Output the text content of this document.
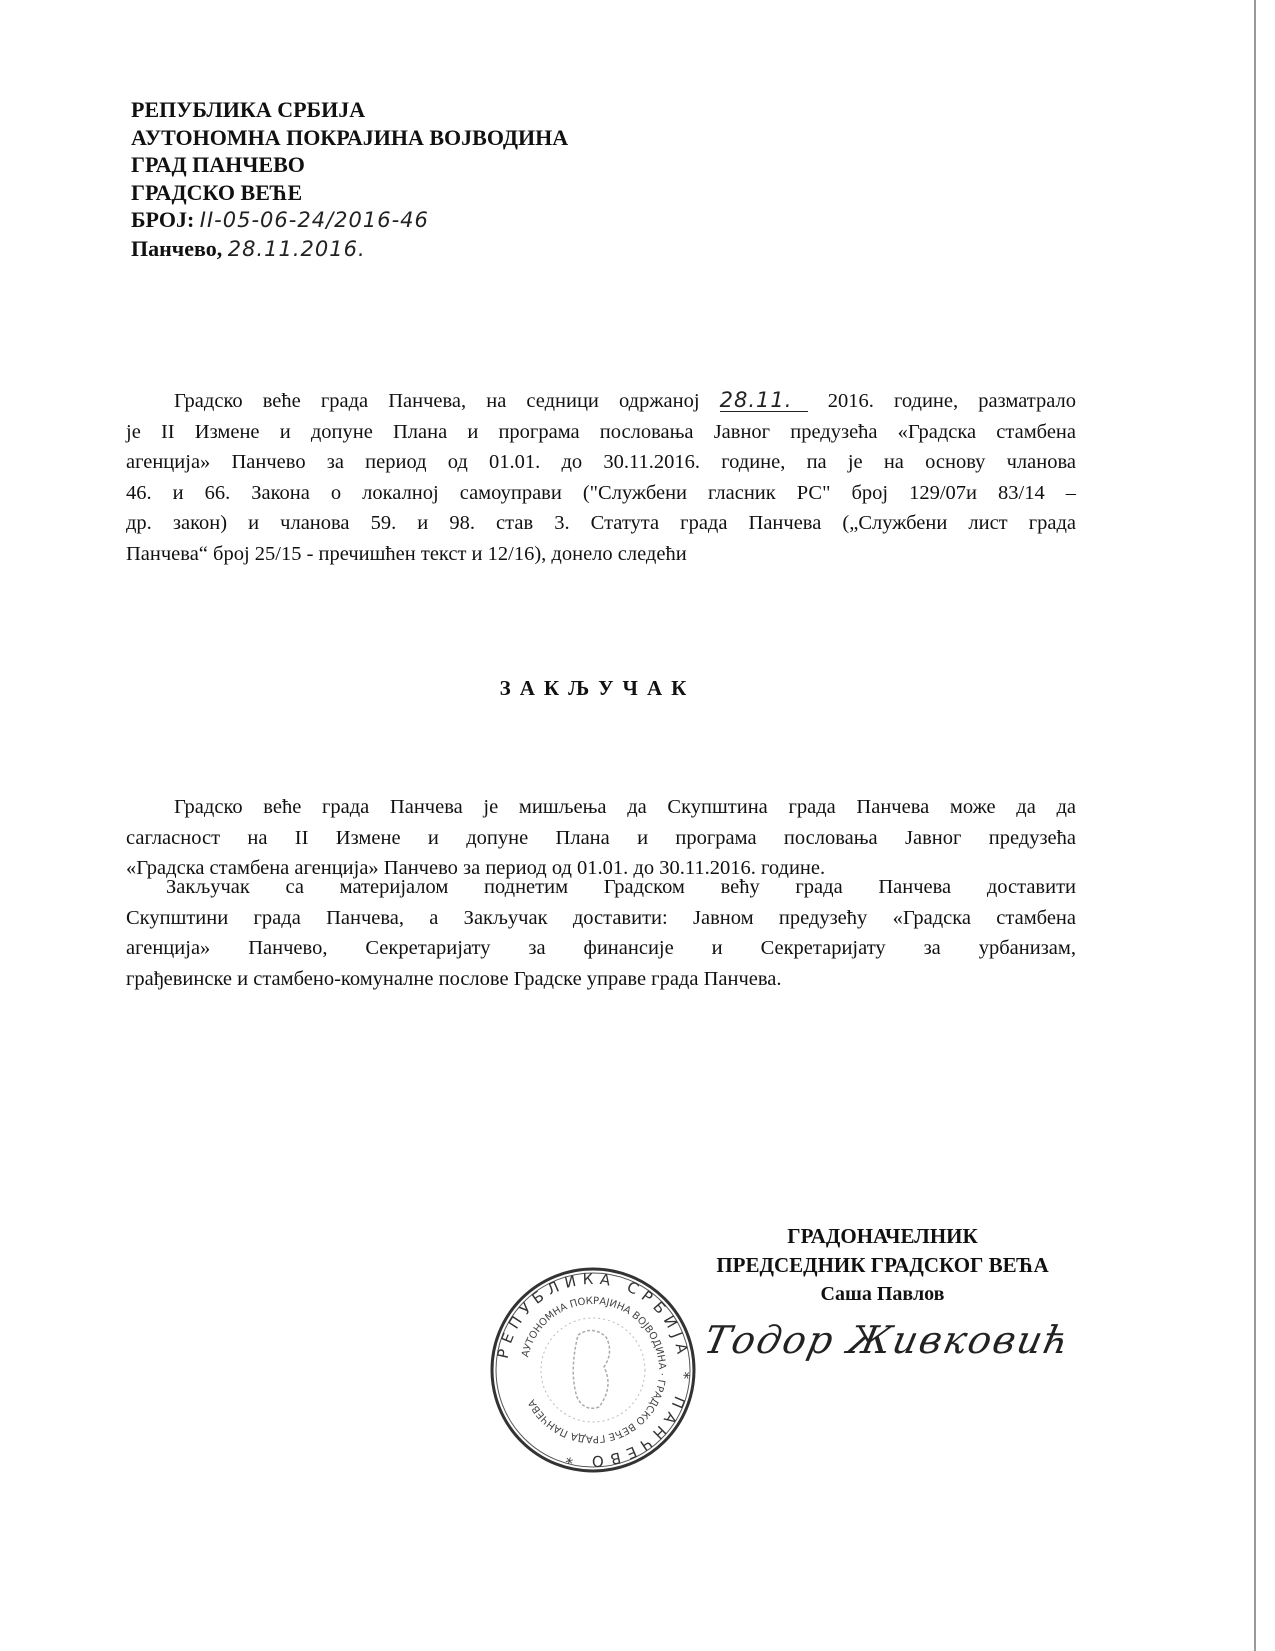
РЕПУБЛИКА СРБИЈА
АУТОНОМНА ПОКРАЈИНА ВОЈВОДИНА
ГРАД ПАНЧЕВО
ГРАДСКО ВЕЋЕ
БРОЈ: II-05-06-24/2016-46
Панчево, 28.11.2016.
Градско веће града Панчева, на седници одржаној 28.11. 2016. године, разматрало
је II Измене и допуне Плана и програма пословања Јавног предузећа «Градска стамбена
агенција» Панчево за период од 01.01. до 30.11.2016. године, па је на основу чланова
46. и 66. Закона о локалној самоуправи ("Службени гласник РС" број 129/07и 83/14 –
др. закон) и чланова 59. и 98. став 3. Статута града Панчева („Службени лист града
Панчева“ број 25/15 - пречишћен текст и 12/16), донело следећи
ЗАКЉУЧАК
Градско веће града Панчева је мишљења да Скупштина града Панчева може да да
сагласност на II Измене и допуне Плана и програма пословања Јавног предузећа
«Градска стамбена агенција» Панчево за период од 01.01. до 30.11.2016. године.
Закључак са материјалом поднетим Градском већу града Панчева доставити
Скупштини града Панчева, а Закључак доставити: Јавном предузећу «Градска стамбена
агенција» Панчево, Секретаријату за финансије и Секретаријату за урбанизам,
грађевинске и стамбено-комуналне послове Градске управе града Панчева.
ГРАДОНАЧЕЛНИК
ПРЕДСЕДНИК ГРАДСКОГ ВЕЋА
Саша Павлов
Тодор Живковић
РЕПУБЛИКА СРБИЈА * ПАНЧЕВО *
АУТОНОМНА ПОКРАЈИНА ВОЈВОДИНА · ГРАДСКО ВЕЋЕ ГРАДА ПАНЧЕВА
